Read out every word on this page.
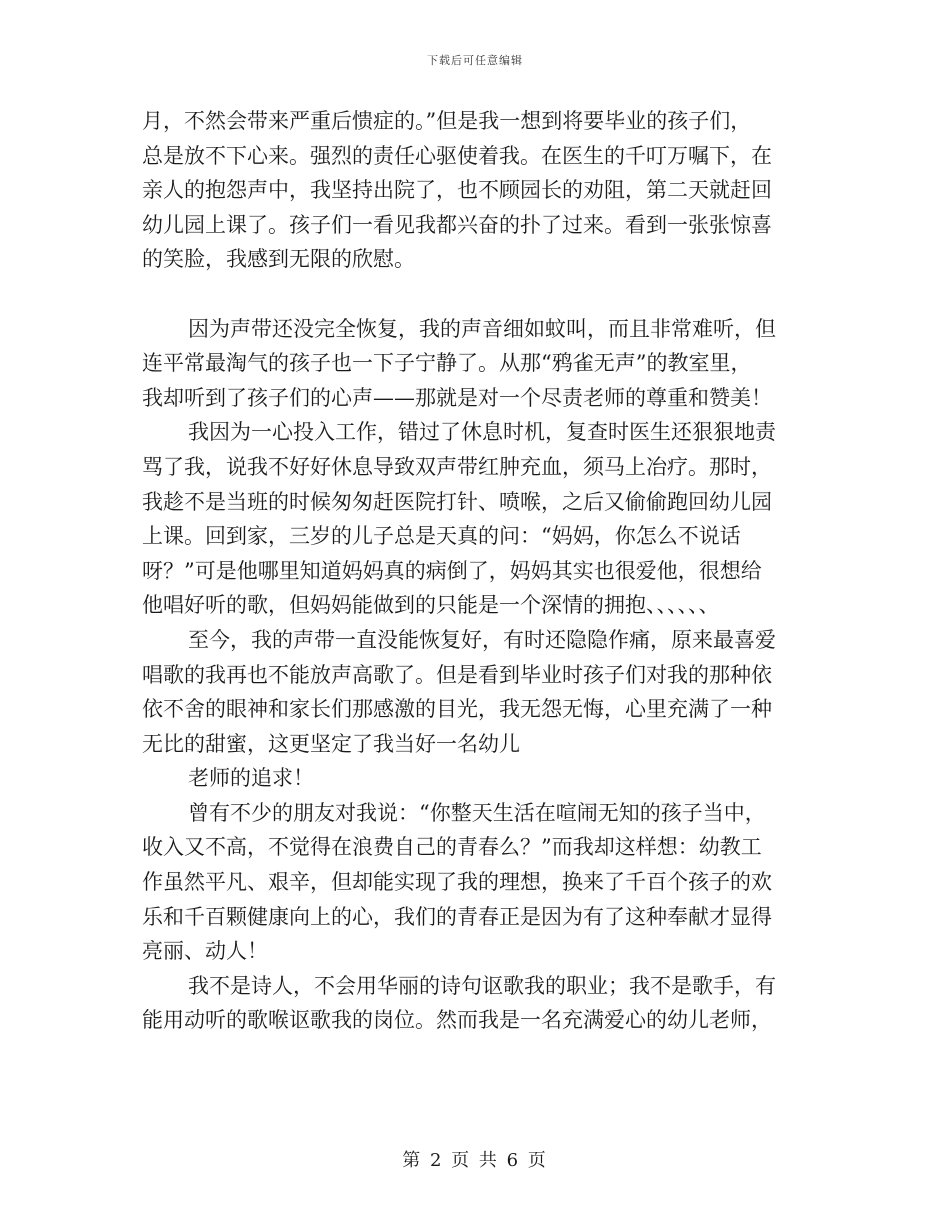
下载后可任意编辑
月，不然会带来严重后愦症的。”但是我一想到将要毕业的孩子们，
总是放不下心来。强烈的责任心驱使着我。在医生的千叮万嘱下，在
亲人的抱怨声中，我坚持出院了，也不顾园长的劝阻，第二天就赶回
幼儿园上课了。孩子们一看见我都兴奋的扑了过来。看到一张张惊喜
的笑脸，我感到无限的欣慰。
因为声带还没完全恢复，我的声音细如蚊叫，而且非常难听，但
连平常最淘气的孩子也一下子宁静了。从那“鸦雀无声”的教室里，
我却听到了孩子们的心声——那就是对一个尽责老师的尊重和赞美！
我因为一心投入工作，错过了休息时机，复查时医生还狠狠地责
骂了我，说我不好好休息导致双声带红肿充血，须马上冶疗。那时，
我趁不是当班的时候匆匆赶医院打针、喷喉，之后又偷偷跑回幼儿园
上课。回到家，三岁的儿子总是天真的问：“妈妈，你怎么不说话
呀？”可是他哪里知道妈妈真的病倒了，妈妈其实也很爱他，很想给
他唱好听的歌，但妈妈能做到的只能是一个深情的拥抱、、、、、、
至今，我的声带一直没能恢复好，有时还隐隐作痛，原来最喜爱
唱歌的我再也不能放声高歌了。但是看到毕业时孩子们对我的那种依
依不舍的眼神和家长们那感激的目光，我无怨无悔，心里充满了一种
无比的甜蜜，这更坚定了我当好一名幼儿
老师的追求！
曾有不少的朋友对我说：“你整天生活在喧闹无知的孩子当中，
收入又不高，不觉得在浪费自己的青春么？”而我却这样想：幼教工
作虽然平凡、艰辛，但却能实现了我的理想，换来了千百个孩子的欢
乐和千百颗健康向上的心，我们的青春正是因为有了这种奉献才显得
亮丽、动人！
我不是诗人，不会用华丽的诗句讴歌我的职业；我不是歌手，有
能用动听的歌喉讴歌我的岗位。然而我是一名充满爱心的幼儿老师，
第 2 页 共 6 页
